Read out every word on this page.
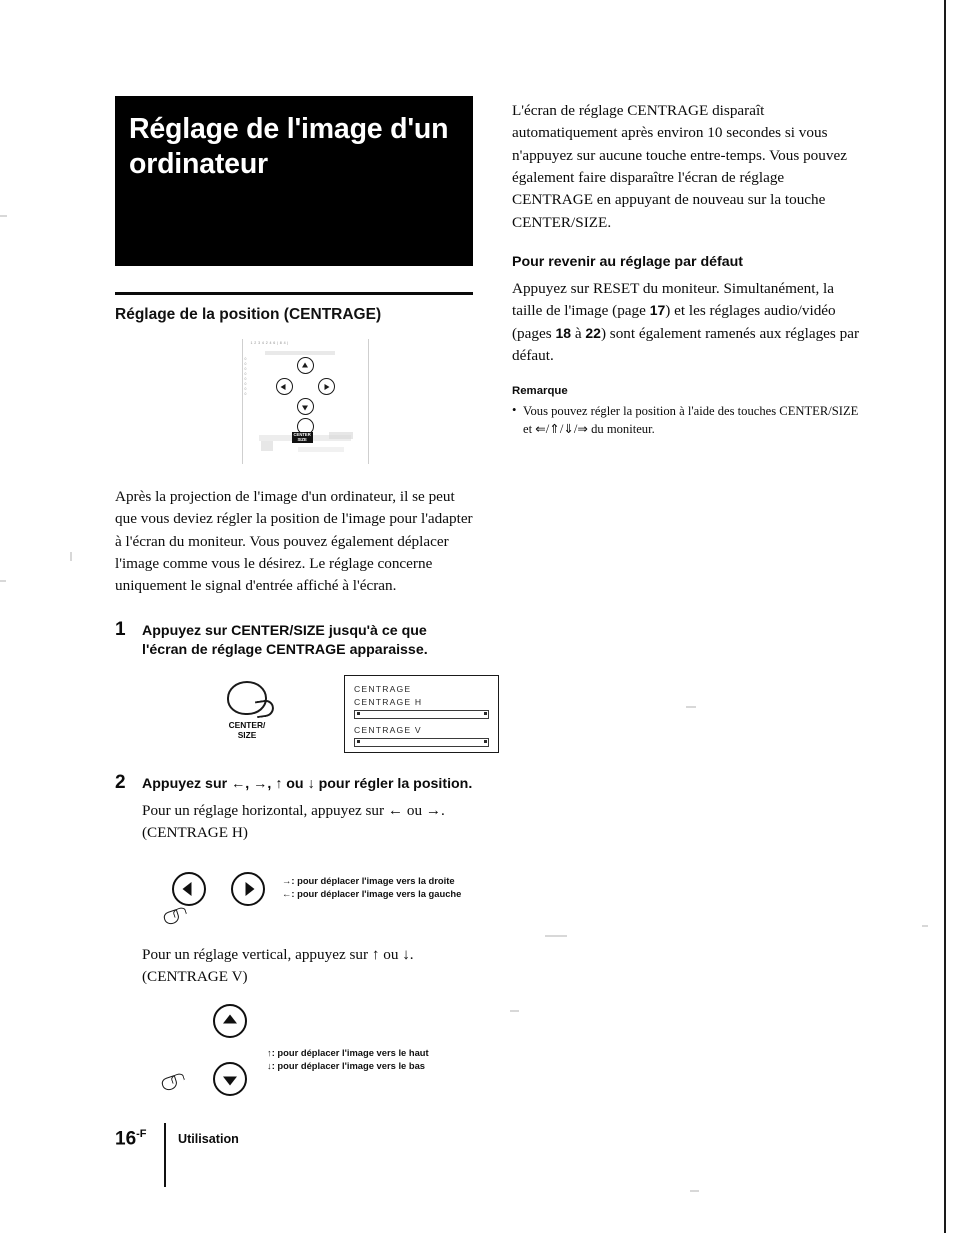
Réglage de l'image d'un ordinateur
Réglage de la position (CENTRAGE)
1 2 3 4 2 4 6 | 8 4 |
0
0
0
0
0
0
0
0
CENTER
SIZE

Après la projection de l'image d'un ordinateur, il se peut que vous deviez régler la position de l'image pour l'adapter à l'écran du moniteur. Vous pouvez également déplacer l'image comme vous le désirez. Le réglage concerne uniquement le signal d'entrée affiché à l'écran.

1 Appuyez sur CENTER/SIZE jusqu'à ce que l'écran de réglage CENTRAGE apparaisse.
CENTER/
SIZE
CENTRAGE
CENTRAGE H
CENTRAGE V
2 Appuyez sur ←, →, ↑ ou ↓ pour régler la position.
Pour un réglage horizontal, appuyez sur ← ou →. (CENTRAGE H)
→: pour déplacer l'image vers la droite
←: pour déplacer l'image vers la gauche
Pour un réglage vertical, appuyez sur ↑ ou ↓. (CENTRAGE V)
↑: pour déplacer l'image vers le haut
↓: pour déplacer l'image vers le bas

L'écran de réglage CENTRAGE disparaît automatiquement après environ 10 secondes si vous n'appuyez sur aucune touche entre-temps. Vous pouvez également faire disparaître l'écran de réglage CENTRAGE en appuyant de nouveau sur la touche CENTER/SIZE.

Pour revenir au réglage par défaut

Appuyez sur RESET du moniteur. Simultanément, la taille de l'image (page 17) et les réglages audio/vidéo (pages 18 à 22) sont également ramenés aux réglages par défaut.

Remarque
• Vous pouvez régler la position à l'aide des touches CENTER/SIZE et ⇐/⇑/⇓/⇒ du moniteur.
$16^{-F}$ Utilisation
